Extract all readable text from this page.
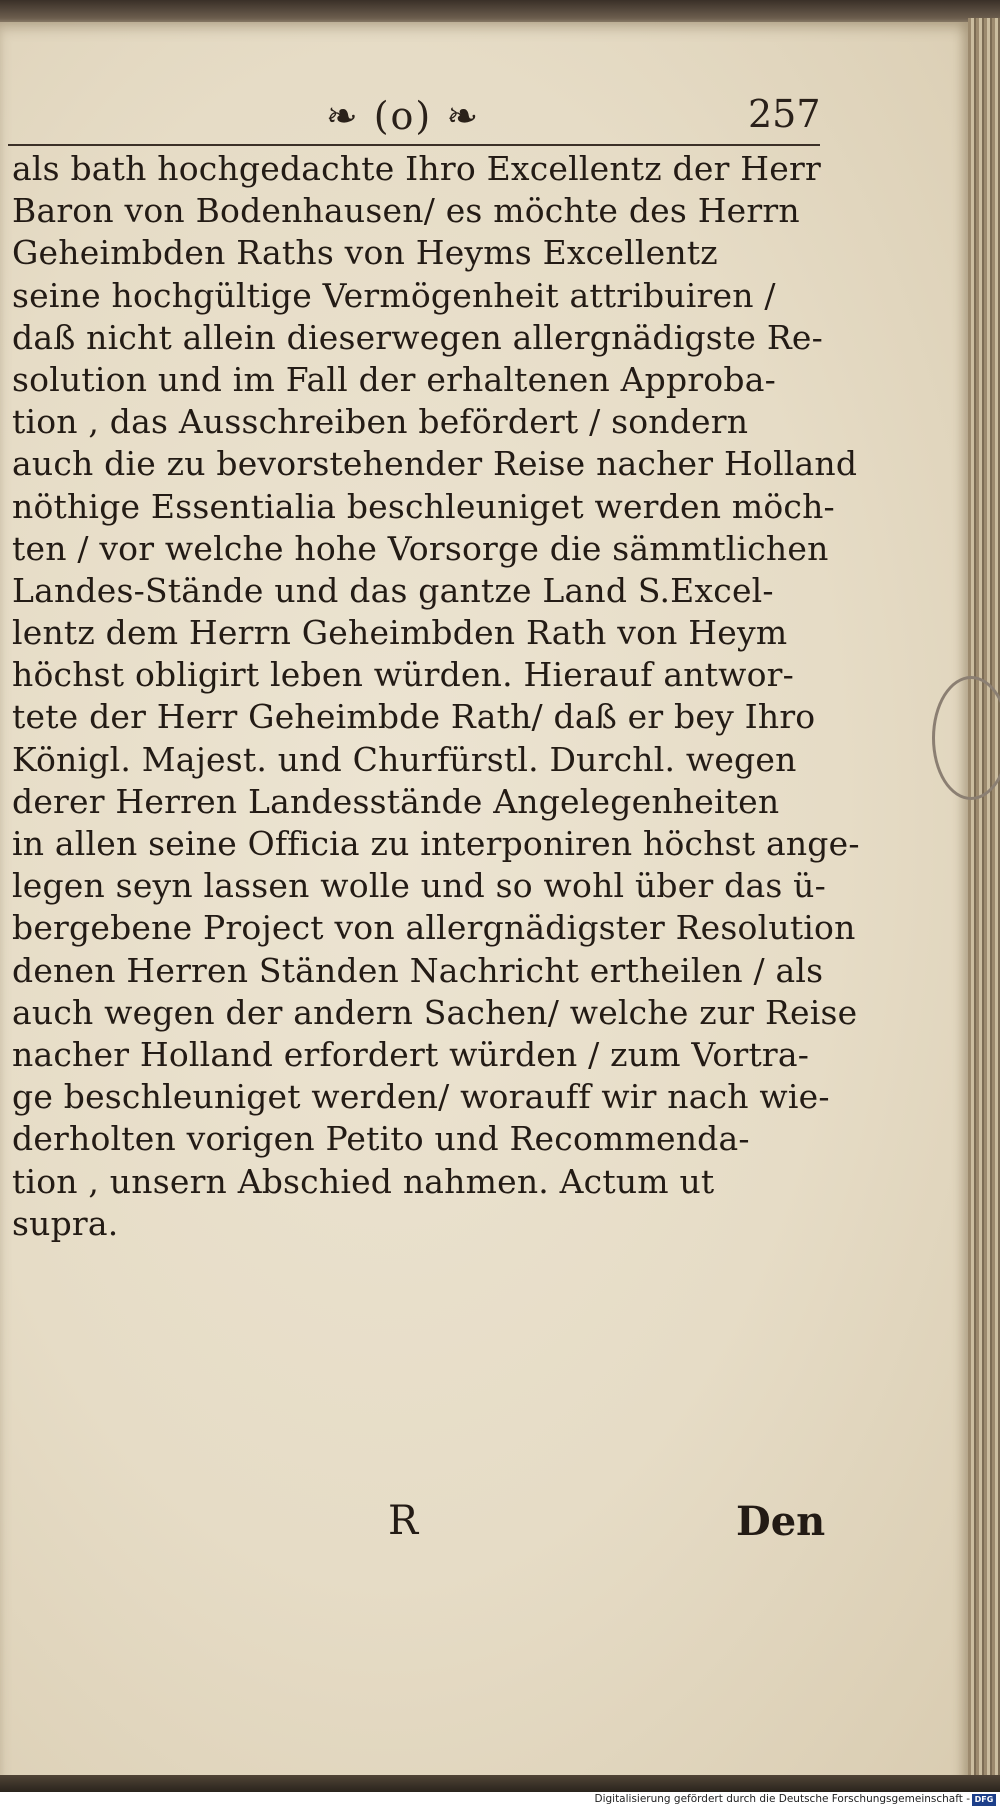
❧ (o) ❧	257
als bath hochgedachte Ihro Excellentz der Herr
Baron von Bodenhausen/ es möchte des Herrn
Geheimbden Raths von Heyms Excellentz
seine hochgültige Vermögenheit attribuiren /
daß nicht allein dieserwegen allergnädigste Re-
solution und im Fall der erhaltenen Approba-
tion , das Ausschreiben befördert / sondern
auch die zu bevorstehender Reise nacher Holland
nöthige Essentialia beschleuniget werden möch-
ten / vor welche hohe Vorsorge die sämmtlichen
Landes-Stände und das gantze Land S.Excel-
lentz dem Herrn Geheimbden Rath von Heym
höchst obligirt leben würden. Hierauf antwor-
tete der Herr Geheimbde Rath/ daß er bey Ihro
Königl. Majest. und Churfürstl. Durchl. wegen
derer Herren Landesstände Angelegenheiten
in allen seine Officia zu interponiren höchst ange-
legen seyn lassen wolle und so wohl über das ü-
bergebene Project von allergnädigster Resolution
denen Herren Ständen Nachricht ertheilen / als
auch wegen der andern Sachen/ welche zur Reise
nacher Holland erfordert würden / zum Vortra-
ge beschleuniget werden/ worauff wir nach wie-
derholten vorigen Petito und Recommenda-
tion , unsern Abschied nahmen. Actum ut
supra.
R	Den
Digitalisierung gefördert durch die Deutsche Forschungsgemeinschaft - DFG
